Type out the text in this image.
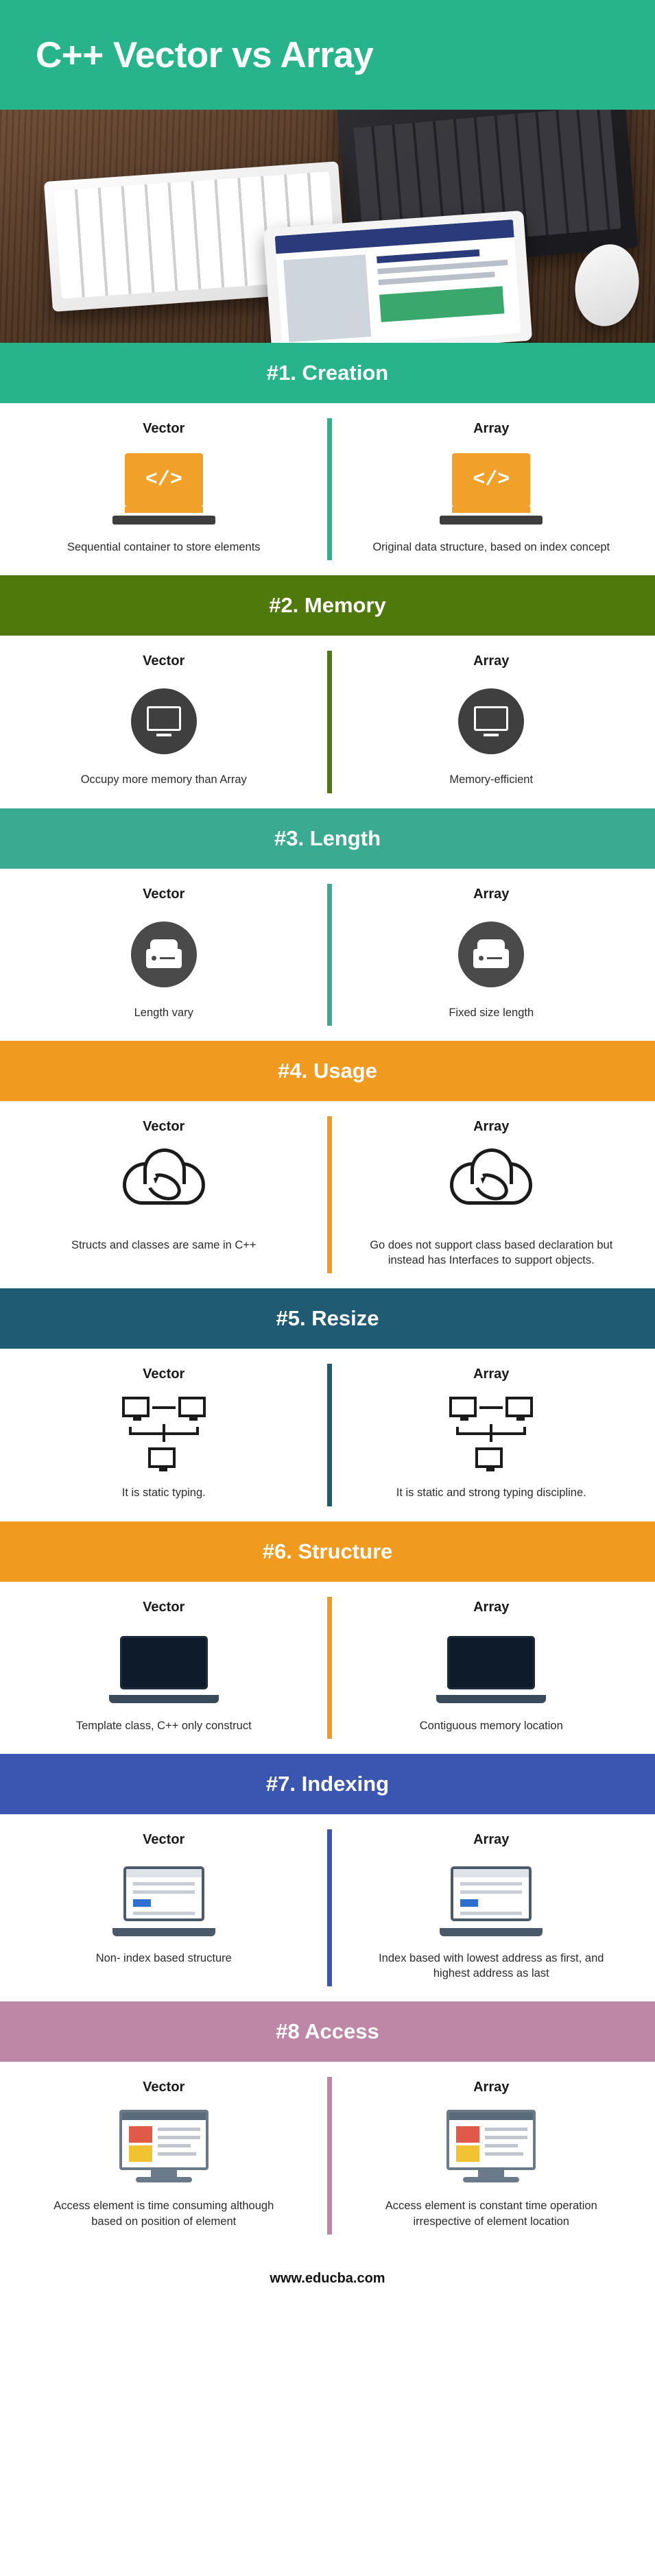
C++ Vector vs Array
#1. Creation
Vector
</>
Sequential container to store elements
Array
</>
Original data structure, based on index concept
#2. Memory
Vector
Occupy more memory than Array
Array
Memory-efficient
#3. Length
Vector
Length vary
Array
Fixed size length
#4. Usage
Vector
Structs and classes are same in C++
Array
Go does not support class based declaration but instead has Interfaces to support objects.
#5. Resize
Vector
It is static typing.
Array
It is static and strong typing discipline.
#6. Structure
Vector
Template class, C++ only construct
Array
Contiguous memory location
#7. Indexing
Vector
Non- index based structure
Array
Index based with lowest address as first, and highest address as last
#8 Access
Vector
Access element is time consuming although based on position of element
Array
Access element is constant time operation irrespective of element location
www.educba.com
